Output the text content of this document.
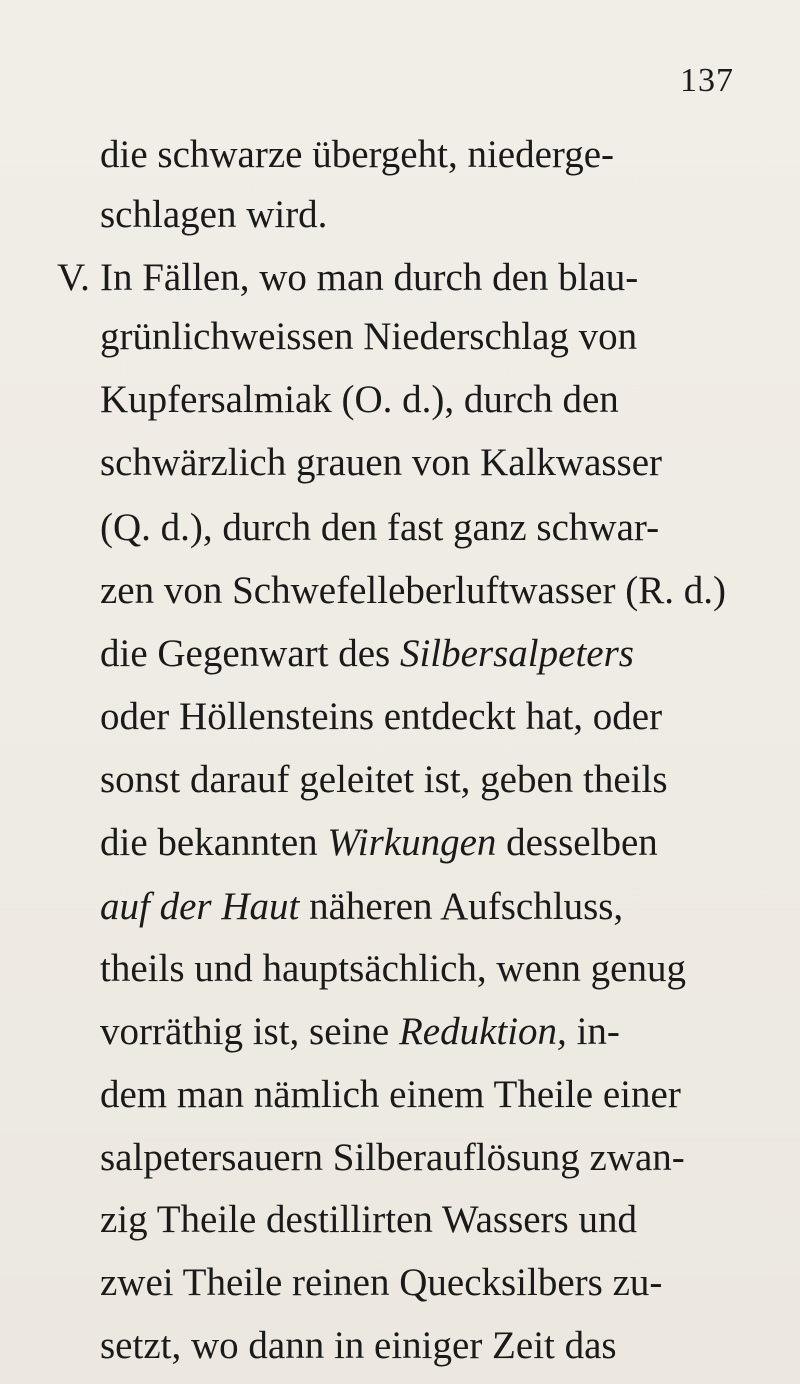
137
V.
die schwarze übergeht, niederge-
schlagen wird.
In Fällen, wo man durch den blau-
grünlichweissen Niederschlag von
Kupfersalmiak (O. d.), durch den
schwärzlich grauen von Kalkwasser
(Q. d.), durch den fast ganz schwar-
zen von Schwefelleberluftwasser (R. d.)
die Gegenwart des Silbersalpeters
oder Höllensteins entdeckt hat, oder
sonst darauf geleitet ist, geben theils
die bekannten Wirkungen desselben
auf der Haut näheren Aufschluss,
theils und hauptsächlich, wenn genug
vorräthig ist, seine Reduktion, in-
dem man nämlich einem Theile einer
salpetersauern Silberauflösung zwan-
zig Theile destillirten Wassers und
zwei Theile reinen Quecksilbers zu-
setzt, wo dann in einiger Zeit das
